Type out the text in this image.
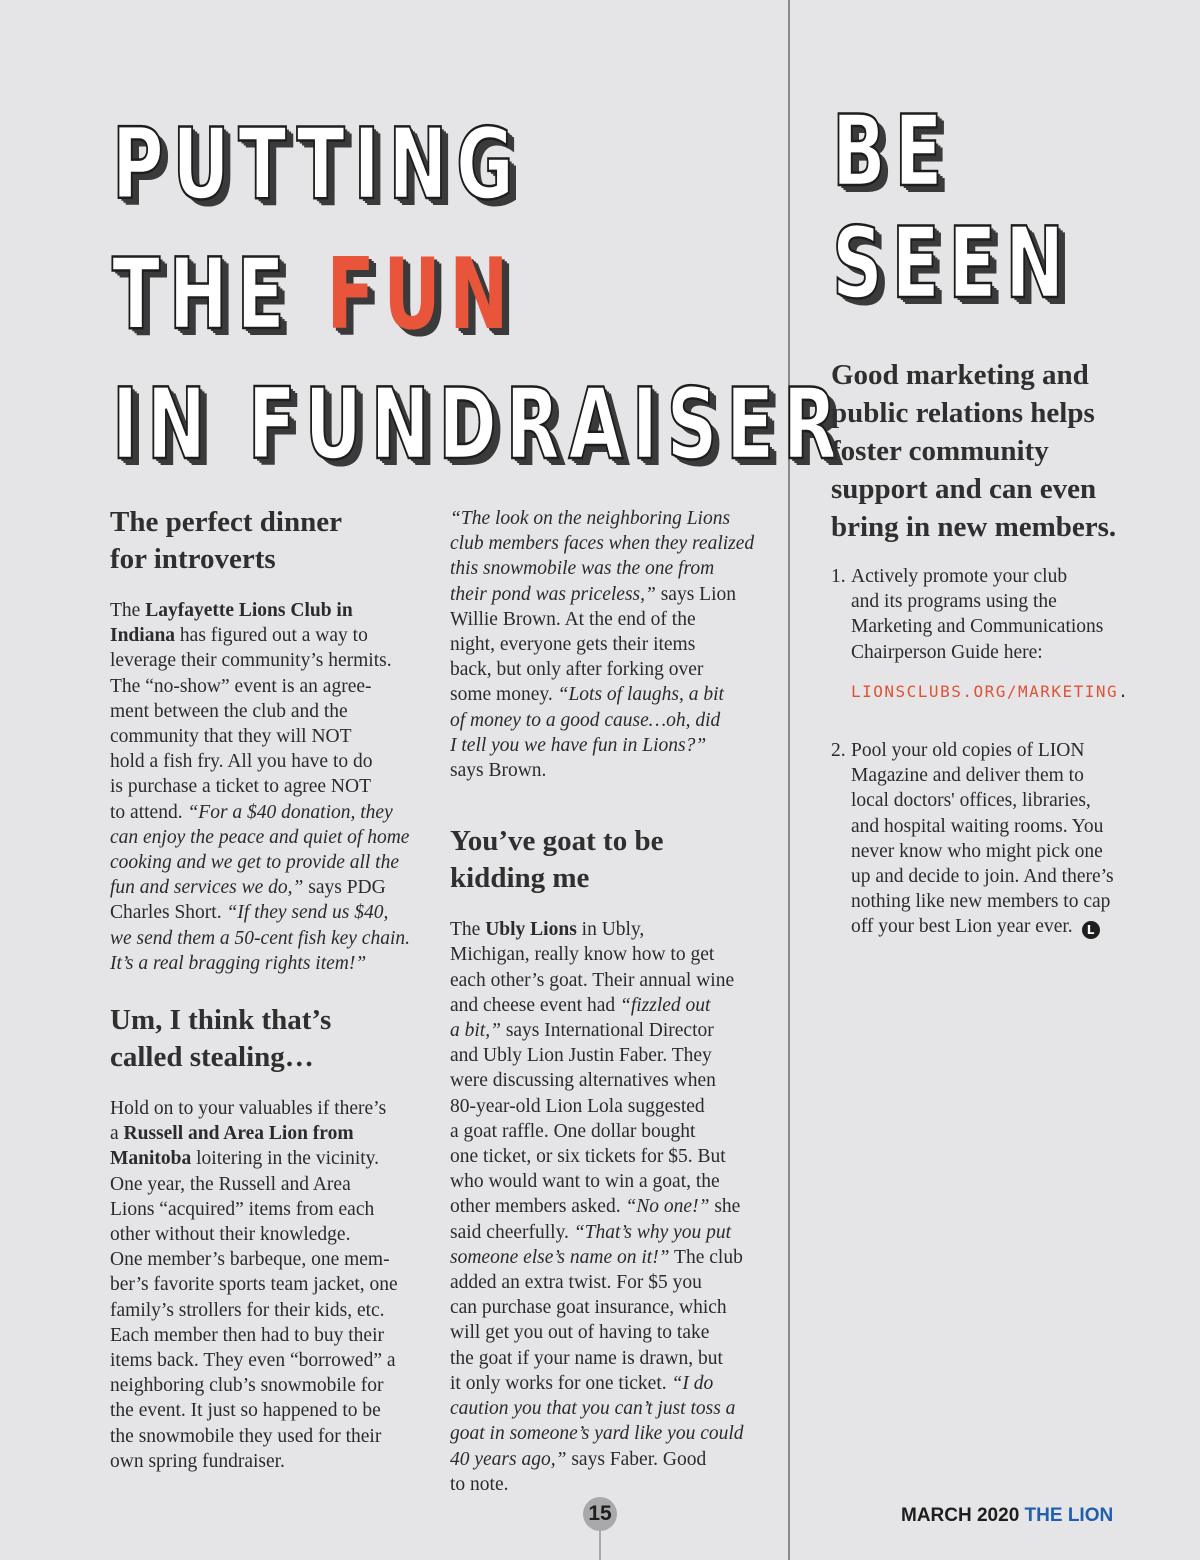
PUTTING
THE FUN
IN FUNDRAISER
BE
SEEN
The perfect dinner
for introverts

The Layfayette Lions Club in
Indiana has figured out a way to
leverage their community’s hermits.
The “no-show” event is an agree-
ment between the club and the
community that they will NOT
hold a fish fry. All you have to do
is purchase a ticket to agree NOT
to attend. “For a $40 donation, they
can enjoy the peace and quiet of home
cooking and we get to provide all the
fun and services we do,” says PDG
Charles Short. “If they send us $40,
we send them a 50-cent fish key chain.
It’s a real bragging rights item!”

Um, I think that’s
called stealing…

Hold on to your valuables if there’s
a Russell and Area Lion from
Manitoba loitering in the vicinity.
One year, the Russell and Area
Lions “acquired” items from each
other without their knowledge.
One member’s barbeque, one mem-
ber’s favorite sports team jacket, one
family’s strollers for their kids, etc.
Each member then had to buy their
items back. They even “borrowed” a
neighboring club’s snowmobile for
the event. It just so happened to be
the snowmobile they used for their
own spring fundraiser.

“The look on the neighboring Lions
club members faces when they realized
this snowmobile was the one from
their pond was priceless,” says Lion
Willie Brown. At the end of the
night, everyone gets their items
back, but only after forking over
some money. “Lots of laughs, a bit
of money to a good cause…oh, did
I tell you we have fun in Lions?”
says Brown.

You’ve goat to be
kidding me

The Ubly Lions in Ubly,
Michigan, really know how to get
each other’s goat. Their annual wine
and cheese event had “fizzled out
a bit,” says International Director
and Ubly Lion Justin Faber. They
were discussing alternatives when
80-year-old Lion Lola suggested
a goat raffle. One dollar bought
one ticket, or six tickets for $5. But
who would want to win a goat, the
other members asked. “No one!” she
said cheerfully. “That’s why you put
someone else’s name on it!” The club
added an extra twist. For $5 you
can purchase goat insurance, which
will get you out of having to take
the goat if your name is drawn, but
it only works for one ticket. “I do
caution you that you can’t just toss a
goat in someone’s yard like you could
40 years ago,” says Faber. Good
to note.

Good marketing and
public relations helps
foster community
support and can even
bring in new members.
1. Actively promote your club
and its programs using the
Marketing and Communications
Chairperson Guide here:
LIONSCLUBS.ORG/MARKETING.
2. Pool your old copies of LION
Magazine and deliver them to
local doctors' offices, libraries,
and hospital waiting rooms. You
never know who might pick one
up and decide to join. And there’s
nothing like new members to cap
off your best Lion year ever. L
15	MARCH 2020 THE LION
